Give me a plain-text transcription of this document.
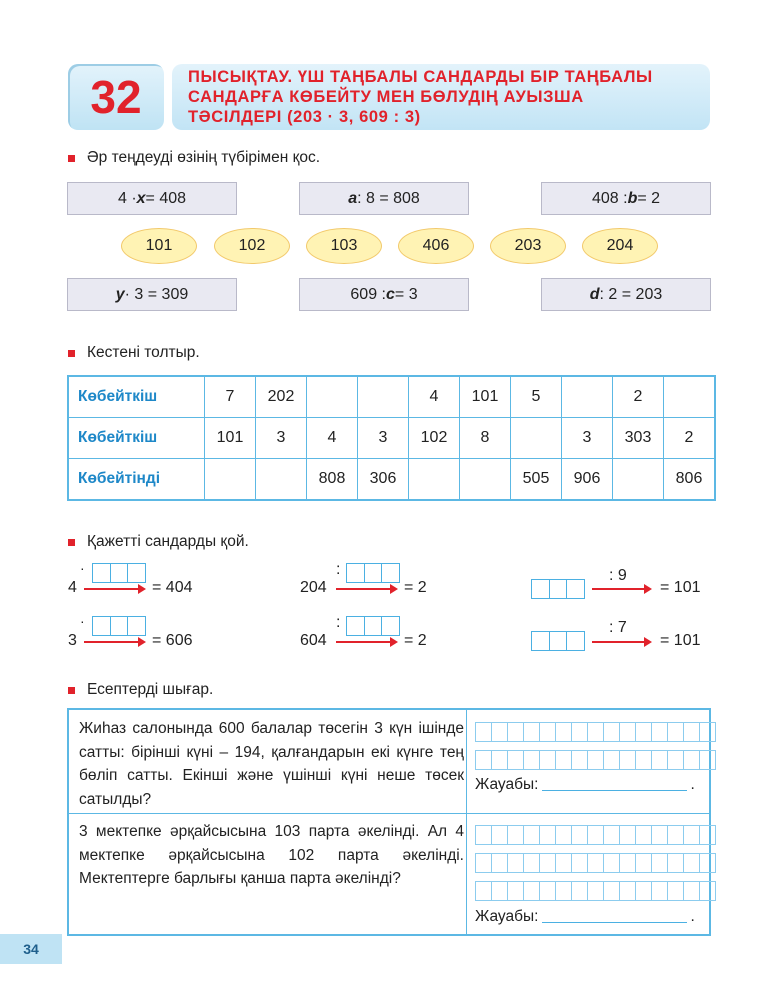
32	ПЫСЫҚТАУ. ҮШ ТАҢБАЛЫ САНДАРДЫ БІР ТАҢБАЛЫ
САНДАРҒА КӨБЕЙТУ МЕН БӨЛУДІҢ АУЫЗША
ТӘСІЛДЕРІ (203 · 3, 609 : 3)
Әр теңдеуді өзінің түбірімен қос.
4 · x = 408	a : 8 = 808	408 : b = 2
101	102	103	406	203	204
y · 3 = 309	609 : c = 3	d : 2 = 203
Кестені толтыр.
Көбейткіш	7	202			4	101	5		2	
Көбейткіш	101	3	4	3	102	8		3	303	2
Көбейтінді			808	306			505	906		806
Қажетті сандарды қой.
4
·
= 404	204
:
= 2
: 9
= 101
3
·
= 606	604
:
= 2
: 7
= 101
Есептерді шығар.
Жиһаз салонында 600 балалар төсегін 3 күн ішінде сатты: бірінші күні – 194, қалғандарын екі күнге тең бөліп сатты. Екінші және үшінші күні неше төсек сатылды?
3 мектепке әрқайсысына 103 парта әкелінді. Ал 4 мектепке әрқайсысына 102 парта әкелінді. Мектептерге барлығы қанша парта әкелінді?
Жауабы:	.
Жауабы:	.
34
